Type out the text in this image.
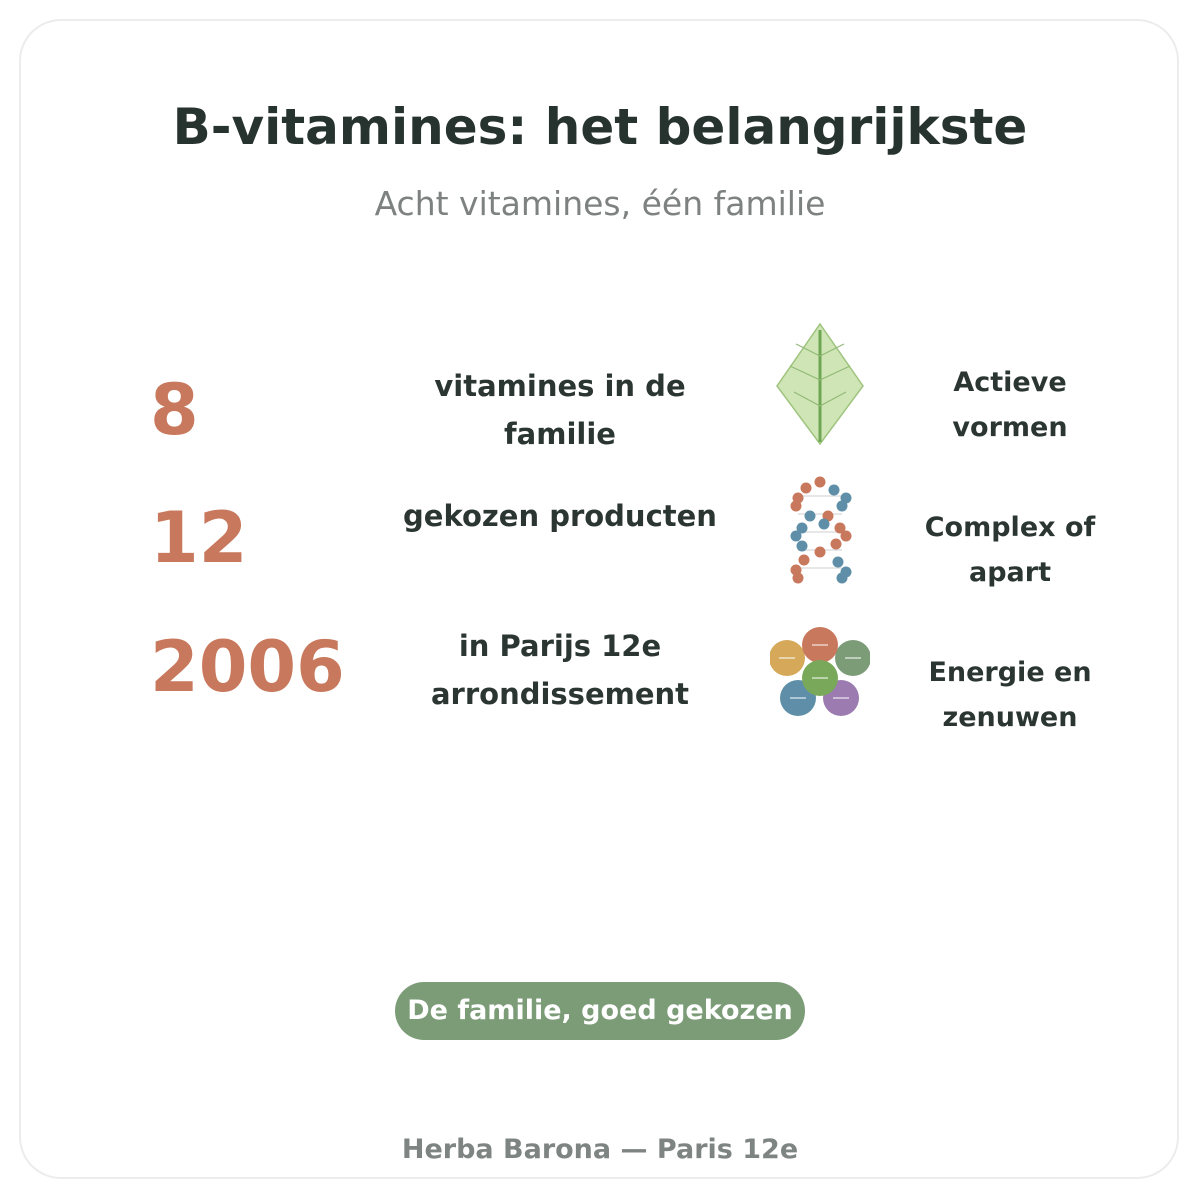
B-vitamines: het belangrijkste
Acht vitamines, één familie
8
12
2006
vitamines in de familie
gekozen producten
in Parijs 12e arrondissement
Actieve vormen
Complex of apart
Energie en zenuwen
De familie, goed gekozen
Herba Barona — Paris 12e
